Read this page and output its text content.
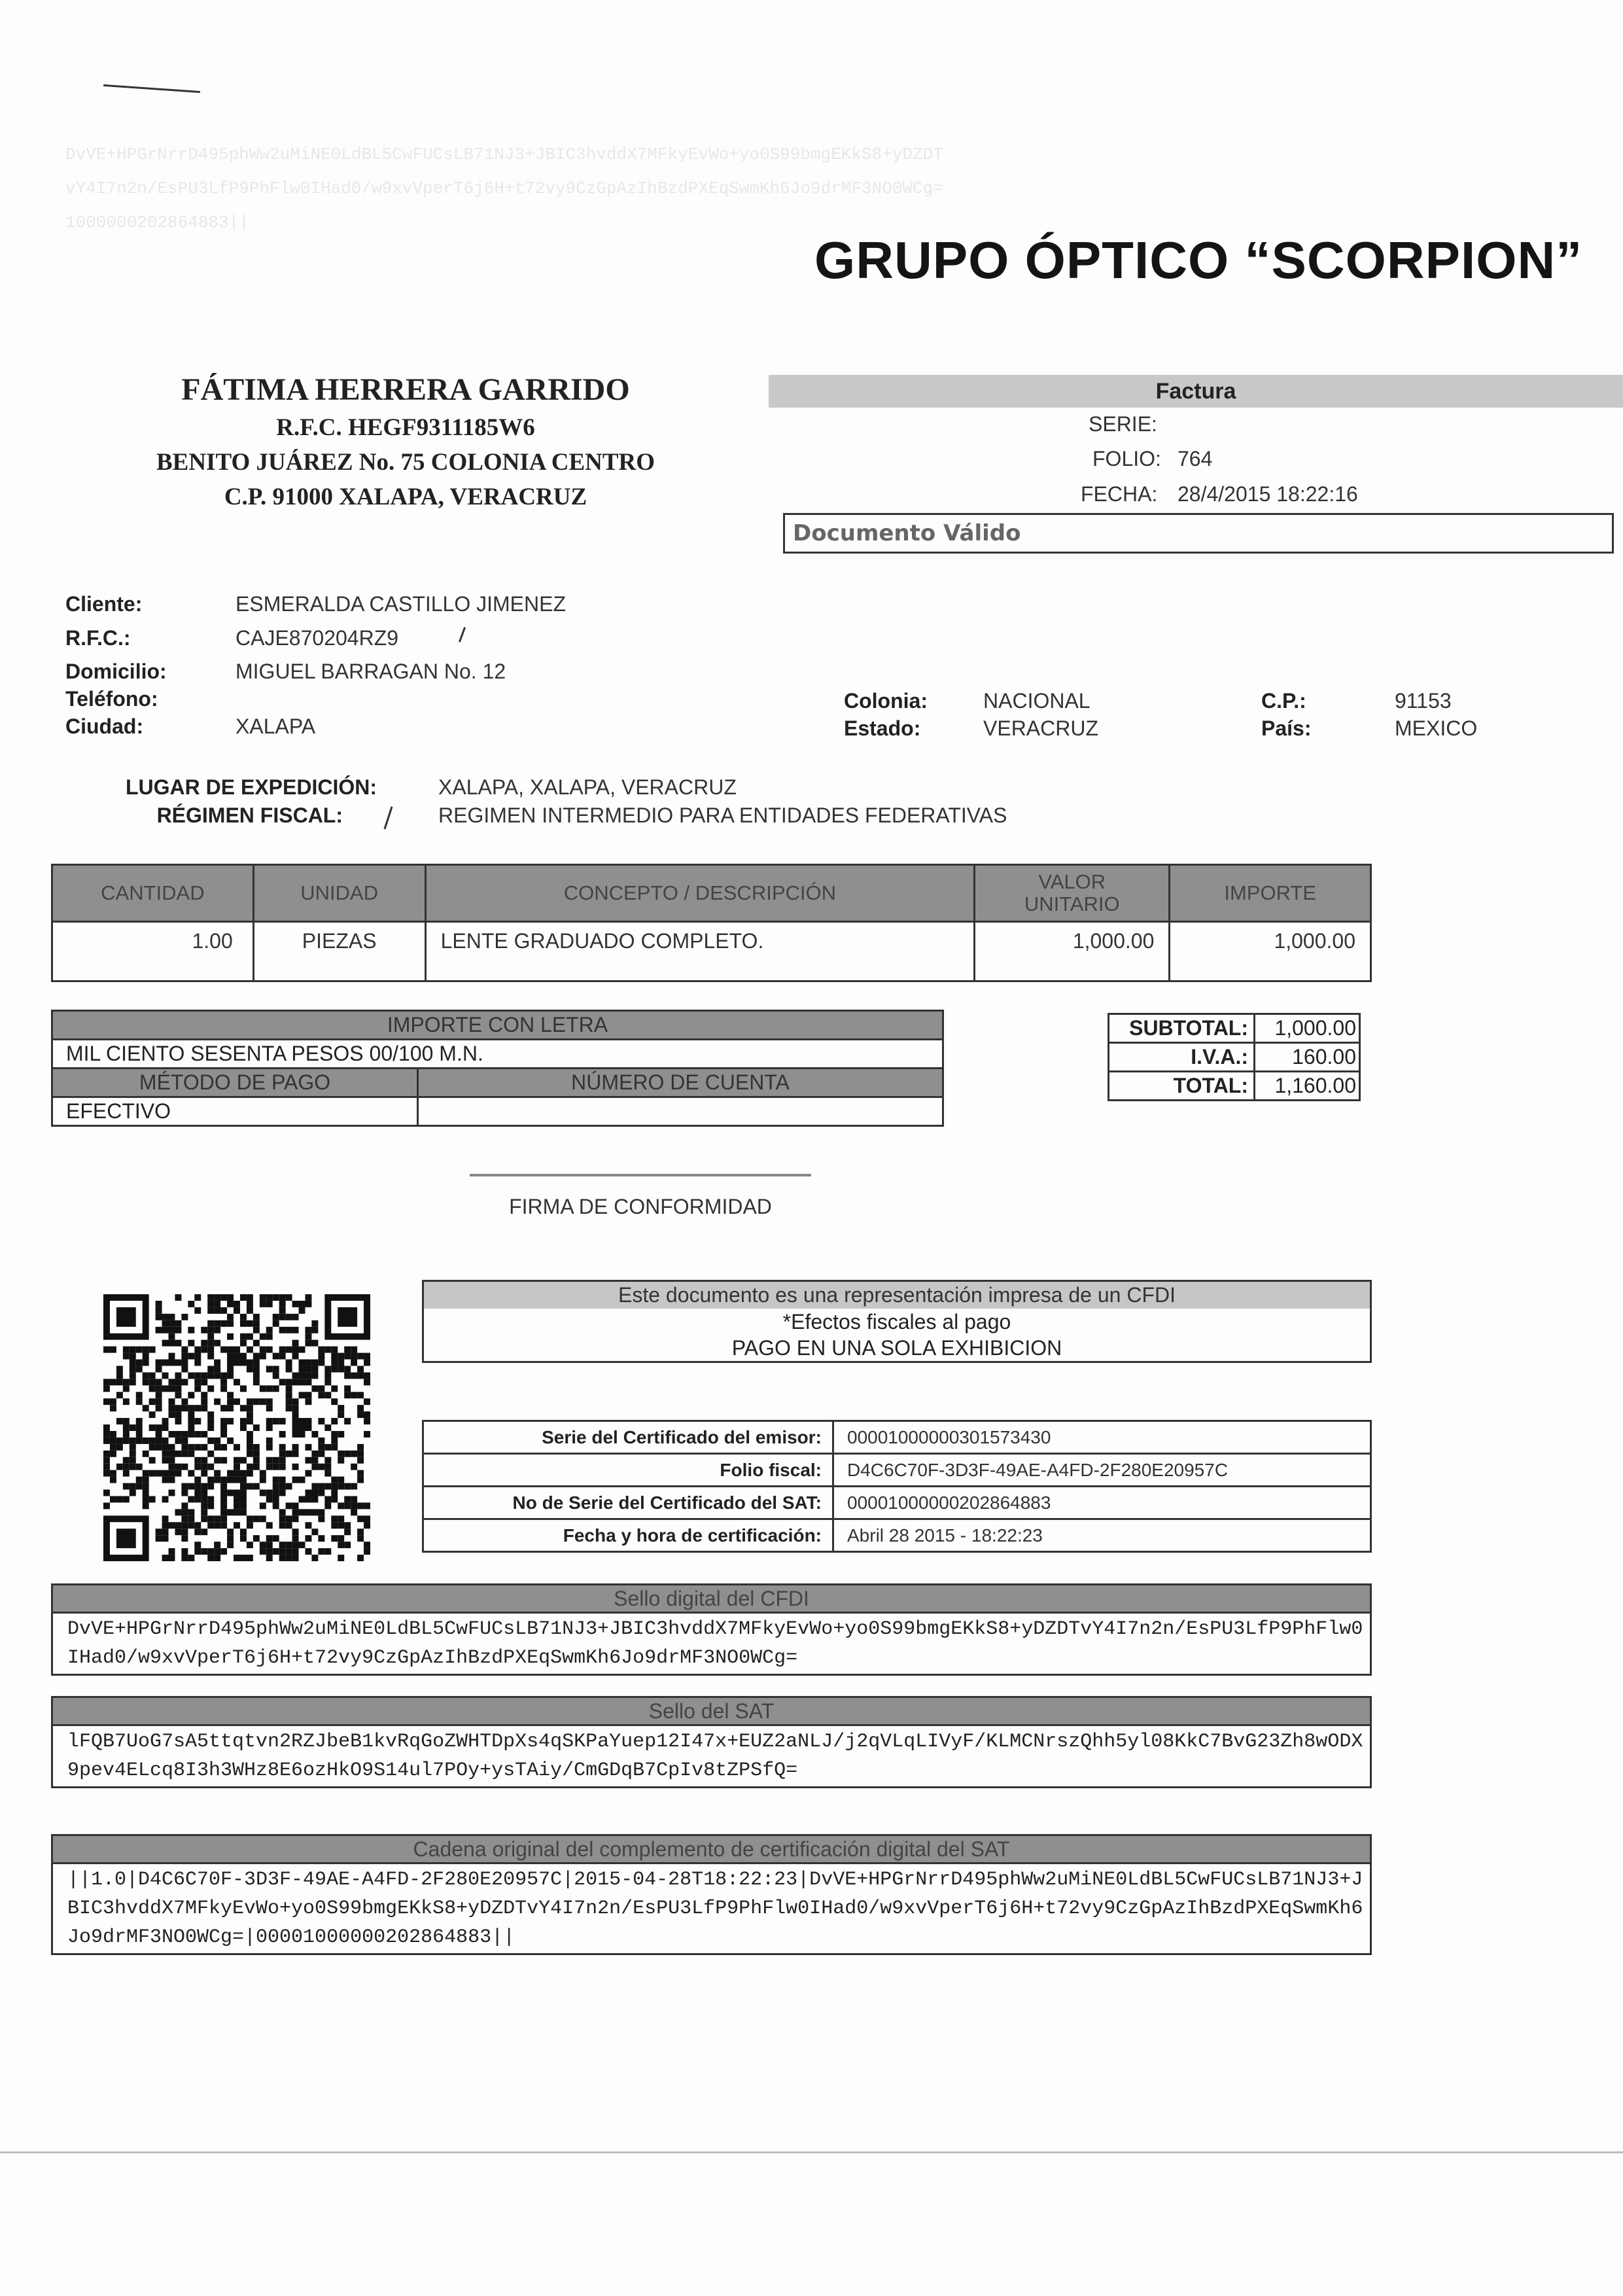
DvVE+HPGrNrrD495phWw2uMiNE0LdBL5CwFUCsLB71NJ3+JBIC3hvddX7MFkyEvWo+yo0S99bmgEKkS8+yDZDT
vY4I7n2n/EsPU3LfP9PhFlw0IHad0/w9xvVperT6j6H+t72vy9CzGpAzIhBzdPXEqSwmKh6Jo9drMF3NO0WCg=
1000000202864883||
GRUPO ÓPTICO “SCORPION”
FÁTIMA HERRERA GARRIDO
R.F.C. HEGF9311185W6
BENITO JUÁREZ No. 75 COLONIA CENTRO
C.P. 91000 XALAPA, VERACRUZ
Factura
SERIE:
FOLIO: 764
FECHA: 28/4/2015 18:22:16
Documento Válido
Cliente:	ESMERALDA CASTILLO JIMENEZ
R.F.C.:	CAJE870204RZ9
Domicilio:	MIGUEL BARRAGAN No. 12
Teléfono:
Ciudad:	XALAPA
Colonia:	NACIONAL
Estado:	VERACRUZ
C.P.:	91153
País:	MEXICO
LUGAR DE EXPEDICIÓN:	XALAPA, XALAPA, VERACRUZ
RÉGIMEN FISCAL:	REGIMEN INTERMEDIO PARA ENTIDADES FEDERATIVAS
CANTIDAD	UNIDAD	CONCEPTO / DESCRIPCIÓN	VALOR UNITARIO	IMPORTE
1.00	PIEZAS	LENTE GRADUADO COMPLETO.	1,000.00	1,000.00
IMPORTE CON LETRA	
MIL CIENTO SESENTA PESOS 00/100 M.N.	
MÉTODO DE PAGO	NÚMERO DE CUENTA
EFECTIVO	
SUBTOTAL:	1,000.00
I.V.A.:	160.00
TOTAL:	1,160.00
FIRMA DE CONFORMIDAD
Este documento es una representación impresa de un CFDI
*Efectos fiscales al pago
PAGO EN UNA SOLA EXHIBICION
Serie del Certificado del emisor:	00001000000301573430
Folio fiscal:	D4C6C70F-3D3F-49AE-A4FD-2F280E20957C
No de Serie del Certificado del SAT:	00001000000202864883
Fecha y hora de certificación:	Abril 28 2015 - 18:22:23
Sello digital del CFDI
DvVE+HPGrNrrD495phWw2uMiNE0LdBL5CwFUCsLB71NJ3+JBIC3hvddX7MFkyEvWo+yo0S99bmgEKkS8+yDZDTvY4I7n2n/EsPU3LfP9PhFlw0IHad0/w9xvVperT6j6H+t72vy9CzGpAzIhBzdPXEqSwmKh6Jo9drMF3NO0WCg=
Sello del SAT
lFQB7UoG7sA5ttqtvn2RZJbeB1kvRqGoZWHTDpXs4qSKPaYuep12I47x+EUZ2aNLJ/j2qVLqLIVyF/KLMCNrszQhh5yl08KkC7BvG23Zh8wODX9pev4ELcq8I3h3WHz8E6ozHkO9S14ul7POy+ysTAiy/CmGDqB7CpIv8tZPSfQ=
Cadena original del complemento de certificación digital del SAT
||1.0|D4C6C70F-3D3F-49AE-A4FD-2F280E20957C|2015-04-28T18:22:23|DvVE+HPGrNrrD495phWw2uMiNE0LdBL5CwFUCsLB71NJ3+JBIC3hvddX7MFkyEvWo+yo0S99bmgEKkS8+yDZDTvY4I7n2n/EsPU3LfP9PhFlw0IHad0/w9xvVperT6j6H+t72vy9CzGpAzIhBzdPXEqSwmKh6Jo9drMF3NO0WCg=|00001000000202864883||
